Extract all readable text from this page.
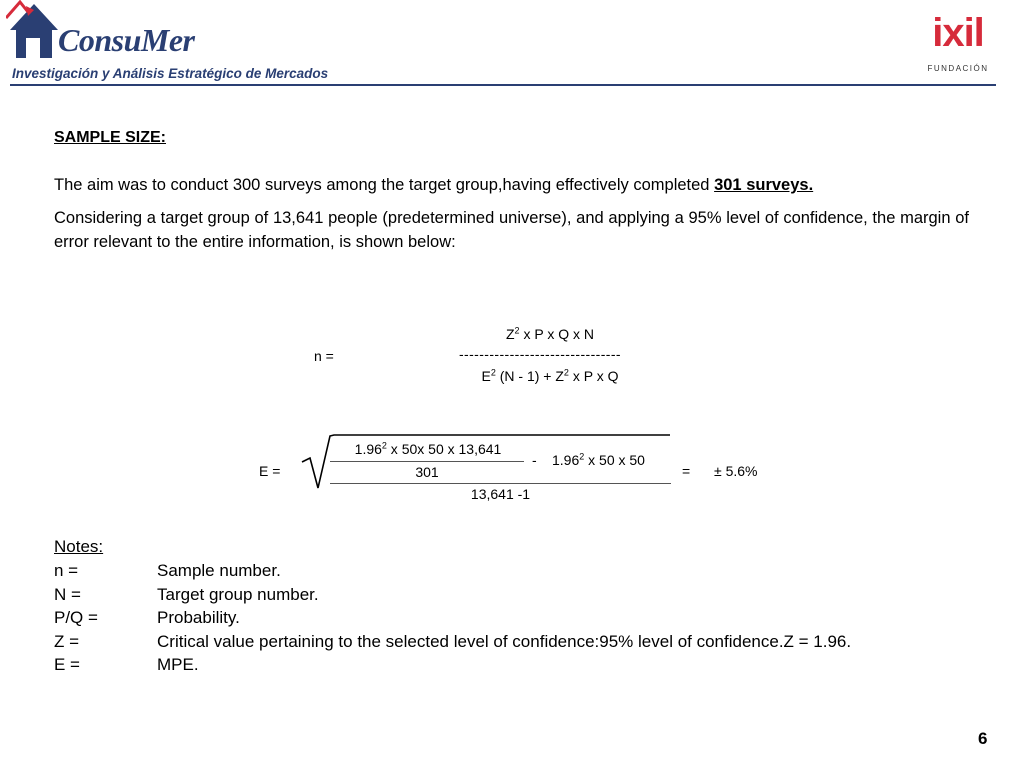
ConsuMer
Investigación y Análisis Estratégico de Mercados
ixil
FUNDACIÓN
SAMPLE SIZE:
The aim was to conduct 300 surveys among the target group,having effectively completed 301 surveys.
Considering a target group of 13,641 people (predetermined universe), and applying a 95% level of confidence, the margin of error relevant to the entire information, is shown below:
$Z^2$ x P x Q x N
n =	--------------------------------
$E^2$ $(N - 1) + Z^2$ x P x Q
E =
$1.96^2$ x 50x 50 x 13,641
301
- 1.96$^2$ x 50 x 50
13,641 -1
= ± 5.6%
Notes:
n =	Sample number.
N =	Target group number.
P/Q =	Probability.
Z =	Critical value pertaining to the selected level of confidence:95% level of confidence.Z = 1.96.
E =	MPE.
6
